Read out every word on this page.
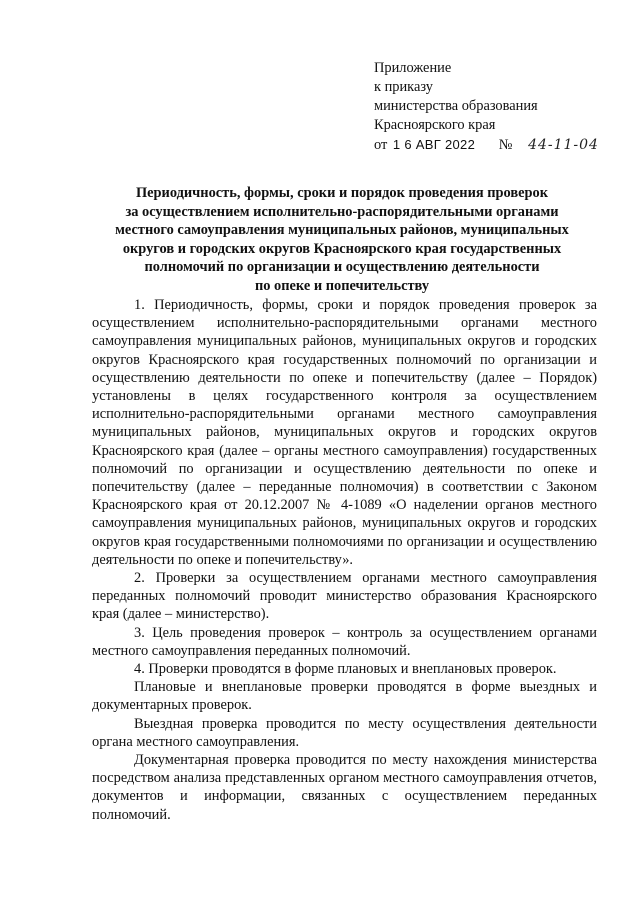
Приложение
к приказу
министерства образования
Красноярского края
от 1 6 АВГ 2022 № 44-11-04
Периодичность, формы, сроки и порядок проведения проверок
за осуществлением исполнительно-распорядительными органами
местного самоуправления муниципальных районов, муниципальных
округов и городских округов Красноярского края государственных
полномочий по организации и осуществлению деятельности
по опеке и попечительству

1. Периодичность, формы, сроки и порядок проведения проверок за осуществлением исполнительно-распорядительными органами местного самоуправления муниципальных районов, муниципальных округов и городских округов Красноярского края государственных полномочий по организации и осуществлению деятельности по опеке и попечительству (далее – Порядок) установлены в целях государственного контроля за осуществлением исполнительно-распорядительными органами местного самоуправления муниципальных районов, муниципальных округов и городских округов Красноярского края (далее – органы местного самоуправления) государственных полномочий по организации и осуществлению деятельности по опеке и попечительству (далее – переданные полномочия) в соответствии с Законом Красноярского края от 20.12.2007 № 4-1089 «О наделении органов местного самоуправления муниципальных районов, муниципальных округов и городских округов края государственными полномочиями по организации и осуществлению деятельности по опеке и попечительству».

2. Проверки за осуществлением органами местного самоуправления переданных полномочий проводит министерство образования Красноярского края (далее – министерство).

3. Цель проведения проверок – контроль за осуществлением органами местного самоуправления переданных полномочий.

4. Проверки проводятся в форме плановых и внеплановых проверок.

Плановые и внеплановые проверки проводятся в форме выездных и документарных проверок.

Выездная проверка проводится по месту осуществления деятельности органа местного самоуправления.

Документарная проверка проводится по месту нахождения министерства посредством анализа представленных органом местного самоуправления отчетов, документов и информации, связанных с осуществлением переданных полномочий.
